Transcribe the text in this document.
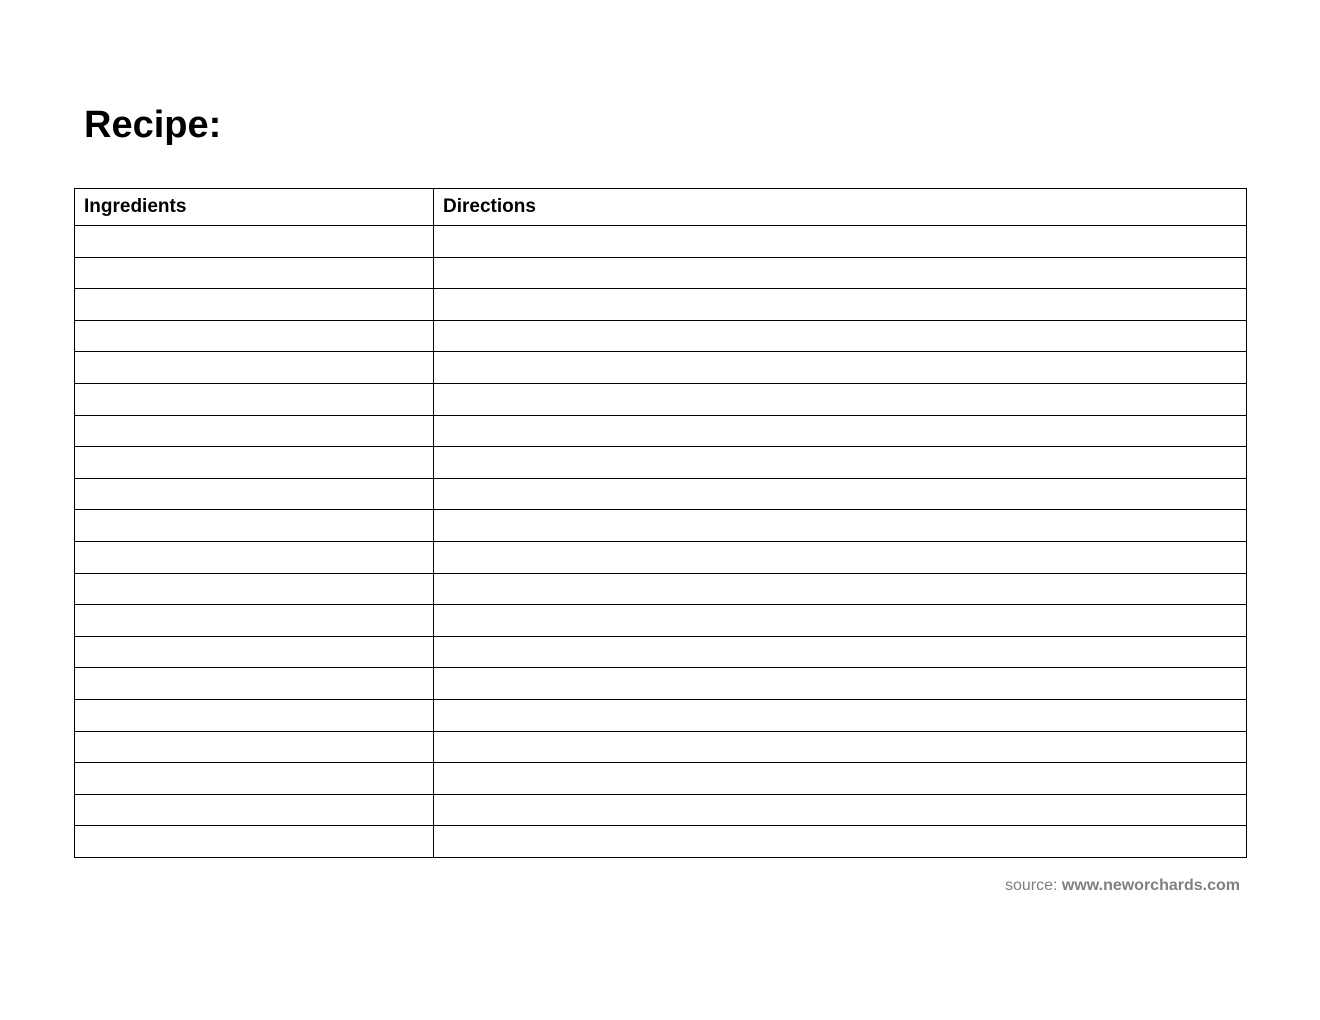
Recipe:
Ingredients	Directions

source: www.neworchards.com
